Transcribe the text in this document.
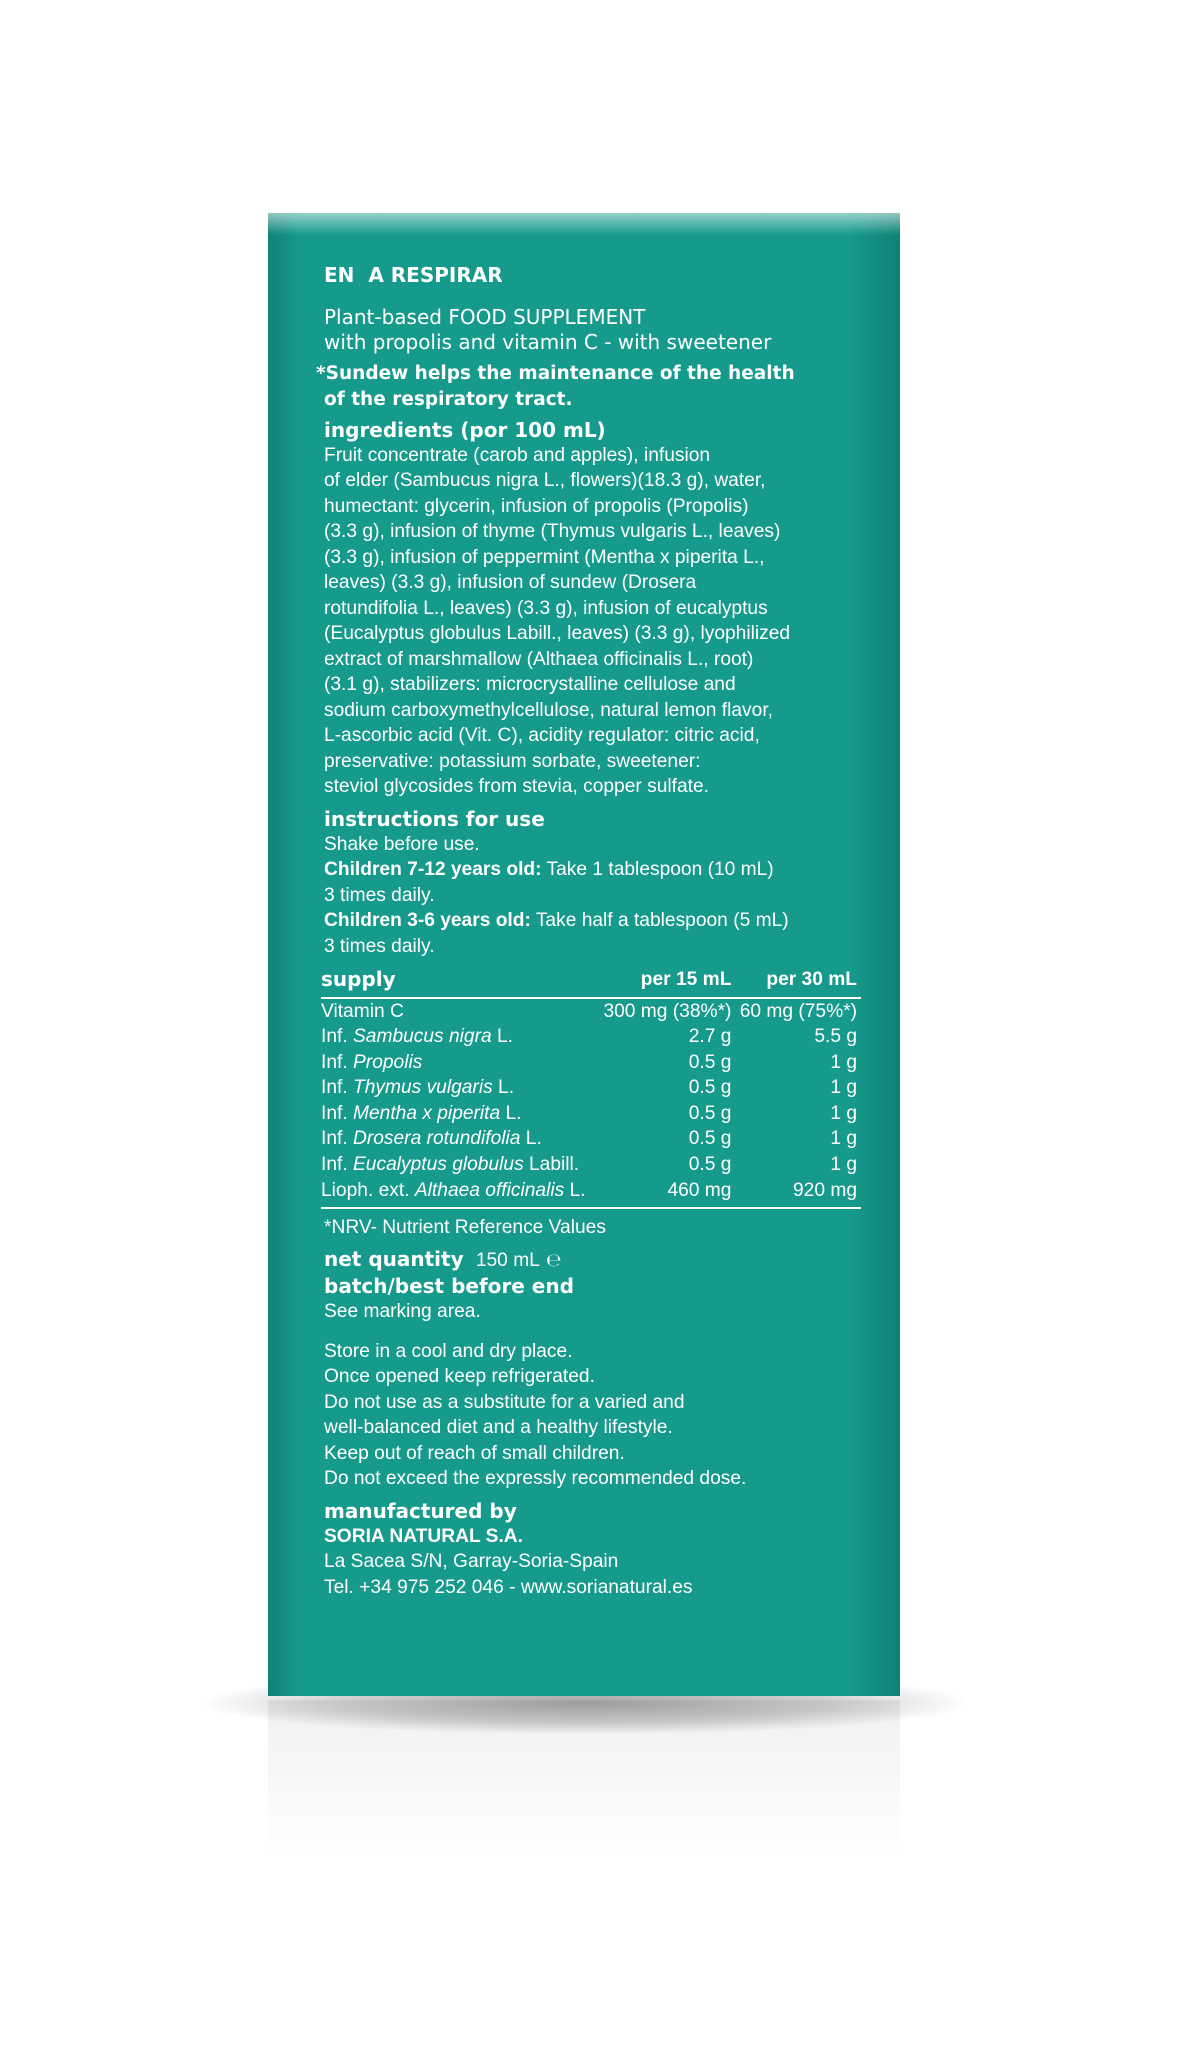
EN A RESPIRAR
Plant-based FOOD SUPPLEMENT
with propolis and vitamin C - with sweetener
*Sundew helps the maintenance of the health
of the respiratory tract.
ingredients (por 100 mL)
Fruit concentrate (carob and apples), infusion
of elder (Sambucus nigra L., flowers)(18.3 g), water,
humectant: glycerin, infusion of propolis (Propolis)
(3.3 g), infusion of thyme (Thymus vulgaris L., leaves)
(3.3 g), infusion of peppermint (Mentha x piperita L.,
leaves) (3.3 g), infusion of sundew (Drosera
rotundifolia L., leaves) (3.3 g), infusion of eucalyptus
(Eucalyptus globulus Labill., leaves) (3.3 g), lyophilized
extract of marshmallow (Althaea officinalis L., root)
(3.1 g), stabilizers: microcrystalline cellulose and
sodium carboxymethylcellulose, natural lemon flavor,
L-ascorbic acid (Vit. C), acidity regulator: citric acid,
preservative: potassium sorbate, sweetener:
steviol glycosides from stevia, copper sulfate.
instructions for use
Shake before use.
Children 7-12 years old: Take 1 tablespoon (10 mL)
3 times daily.
Children 3-6 years old: Take half a tablespoon (5 mL)
3 times daily.
supply	per 15 mL	per 30 mL
Vitamin C	300 mg (38%*)	60 mg (75%*)
Inf. Sambucus nigra L.	2.7 g	5.5 g
Inf. Propolis	0.5 g	1 g
Inf. Thymus vulgaris L.	0.5 g	1 g
Inf. Mentha x piperita L.	0.5 g	1 g
Inf. Drosera rotundifolia L.	0.5 g	1 g
Inf. Eucalyptus globulus Labill.	0.5 g	1 g
Lioph. ext. Althaea officinalis L.	460 mg	920 mg
*NRV- Nutrient Reference Values
net quantity 150 mL ℮
batch/best before end
See marking area.
Store in a cool and dry place.
Once opened keep refrigerated.
Do not use as a substitute for a varied and
well-balanced diet and a healthy lifestyle.
Keep out of reach of small children.
Do not exceed the expressly recommended dose.
manufactured by
SORIA NATURAL S.A.
La Sacea S/N, Garray-Soria-Spain
Tel. +34 975 252 046 - www.sorianatural.es
